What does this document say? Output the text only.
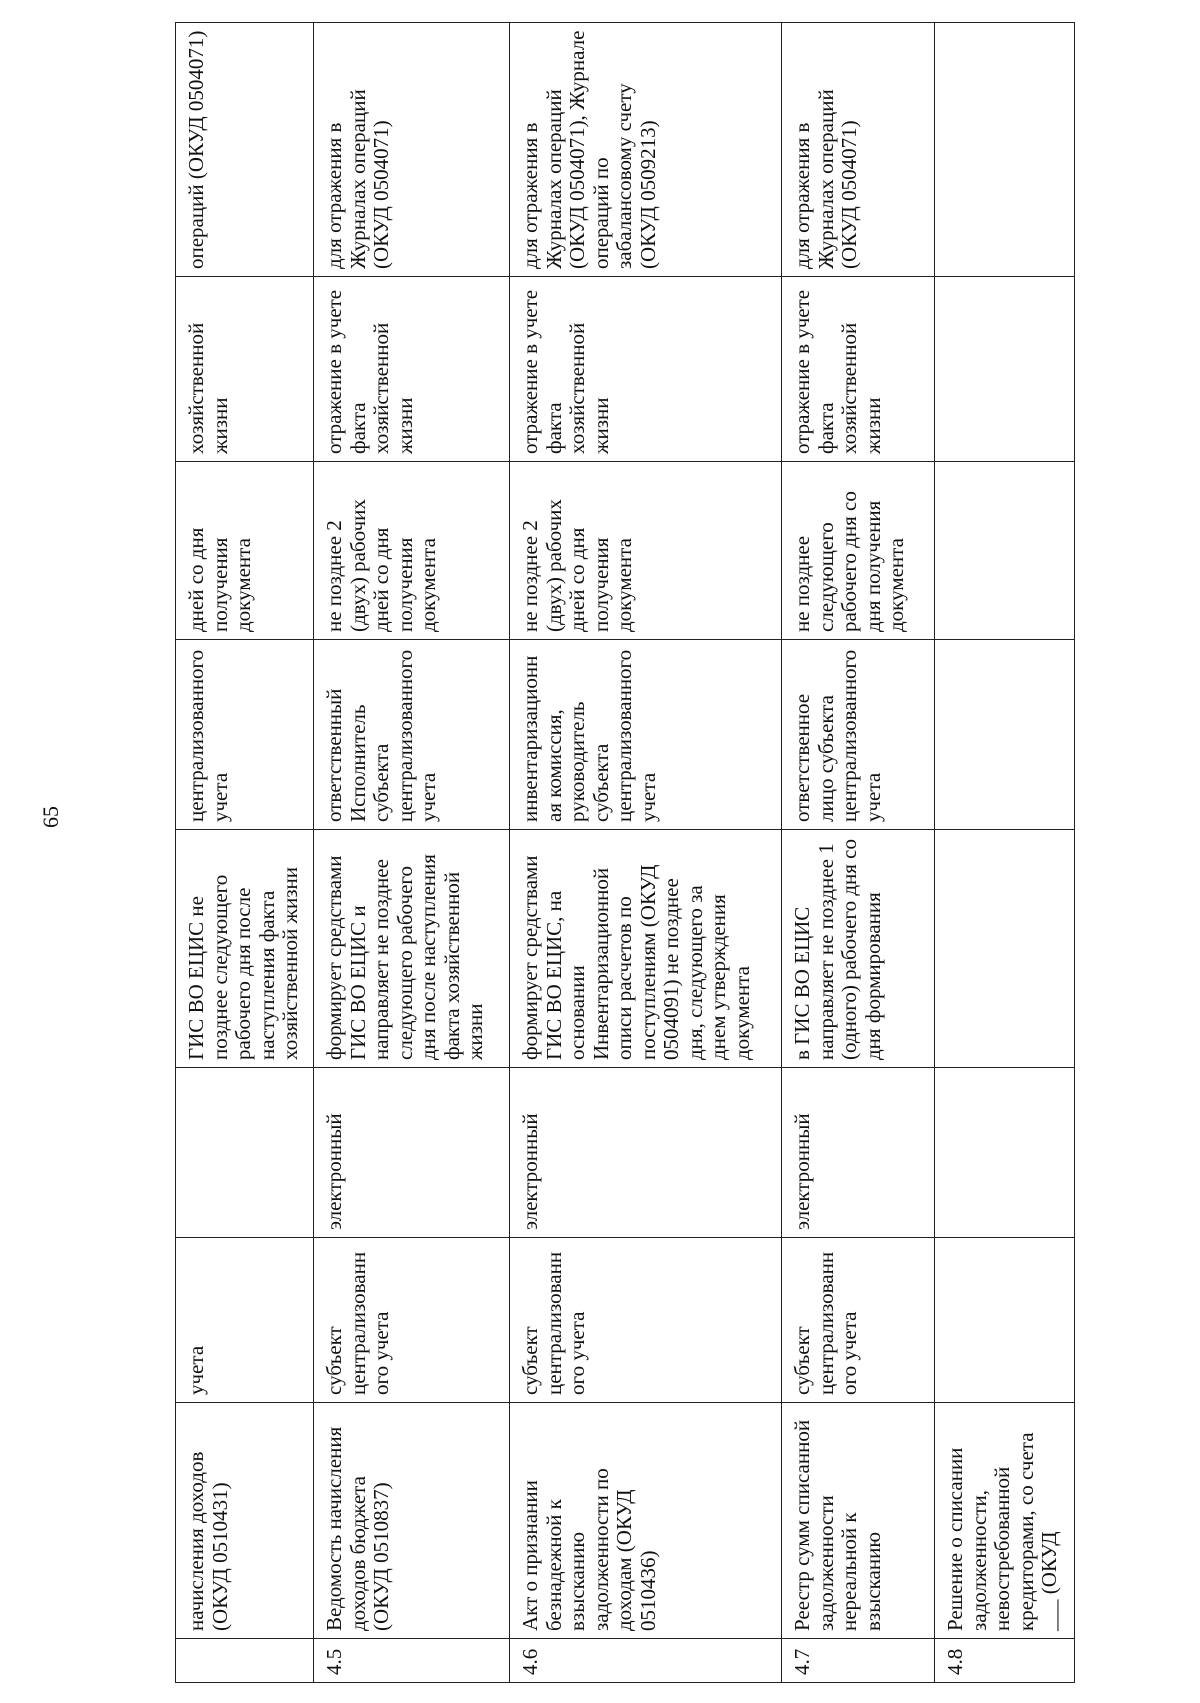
65
	начисления доходов (ОКУД 0510431)	учета		ГИС ВО ЕЦИС не позднее следующего рабочего дня после наступления факта хозяйственной жизни	централизованного учета	дней со дня получения документа	хозяйственной жизни	операций (ОКУД 0504071)
4.5	Ведомость начисления доходов бюджета (ОКУД 0510837)	субъект централизованного учета	электронный	формирует средствами ГИС ВО ЕЦИС и направляет не позднее следующего рабочего дня после наступления факта хозяйственной жизни	ответственный Исполнитель субъекта централизованного учета	не позднее 2 (двух) рабочих дней со дня получения документа	отражение в учете факта хозяйственной жизни	для отражения в Журналах операций (ОКУД 0504071)
4.6	Акт о признании безнадежной к взысканию задолженности по доходам (ОКУД 0510436)	субъект централизованного учета	электронный	формирует средствами ГИС ВО ЕЦИС, на основании Инвентаризационной описи расчетов по поступлениям (ОКУД 0504091) не позднее дня, следующего за днем утверждения документа	инвентаризационная комиссия, руководитель субъекта централизованного учета	не позднее 2 (двух) рабочих дней со дня получения документа	отражение в учете факта хозяйственной жизни	для отражения в Журналах операций (ОКУД 0504071), Журнале операций по забалансовому счету (ОКУД 0509213)
4.7	Реестр сумм списанной задолженности нереальной к взысканию	субъект централизованного учета	электронный	в ГИС ВО ЕЦИС направляет не позднее 1 (одного) рабочего дня со дня формирования	ответственное лицо субъекта централизованного учета	не позднее следующего рабочего дня со дня получения документа	отражение в учете факта хозяйственной жизни	для отражения в Журналах операций (ОКУД 0504071)
4.8	Решение о списании задолженности, невостребованной кредиторами, со счета ___ (ОКУД							
